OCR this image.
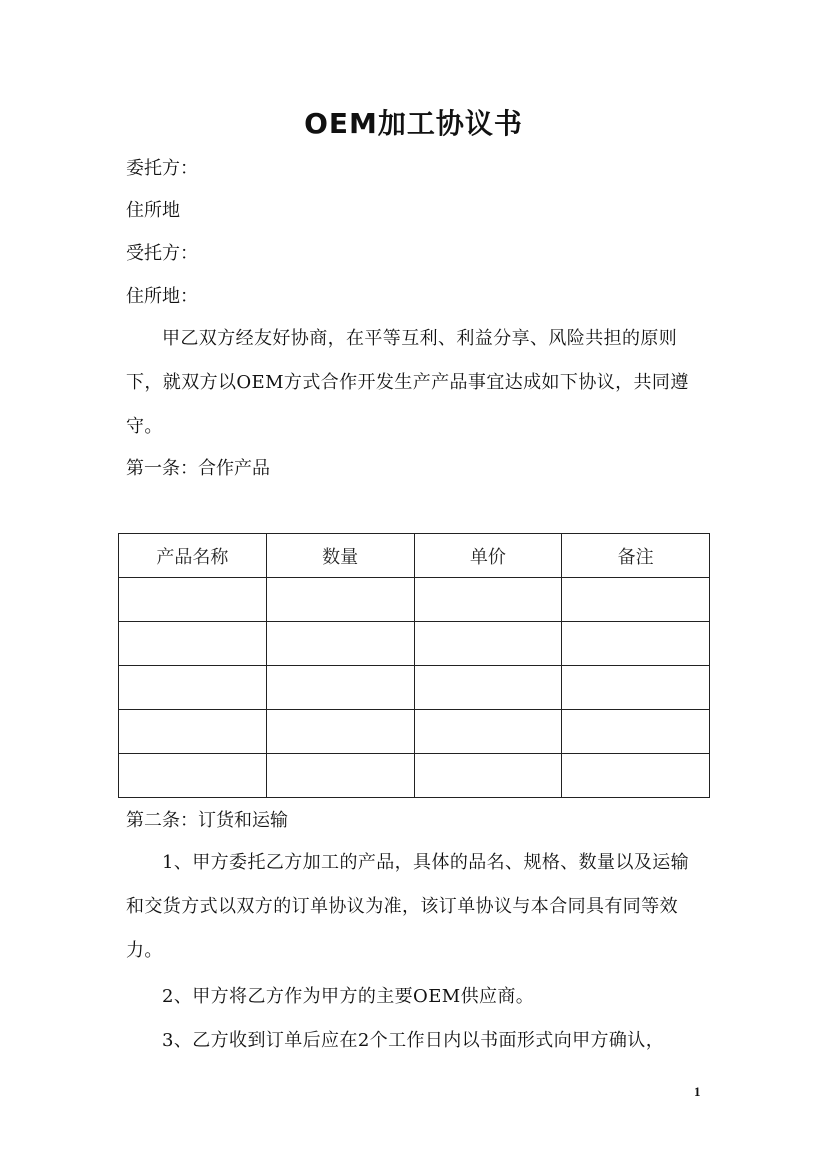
OEM加工协议书
委托方：
住所地
受托方：
住所地：
甲乙双方经友好协商，在平等互利、利益分享、风险共担的原则下，就双方以OEM方式合作开发生产产品事宜达成如下协议，共同遵守。
第一条：合作产品
产品名称	数量	单价	备注

第二条：订货和运输
1、甲方委托乙方加工的产品，具体的品名、规格、数量以及运输和交货方式以双方的订单协议为准，该订单协议与本合同具有同等效力。
2、甲方将乙方作为甲方的主要OEM供应商。
3、乙方收到订单后应在2个工作日内以书面形式向甲方确认，
1
